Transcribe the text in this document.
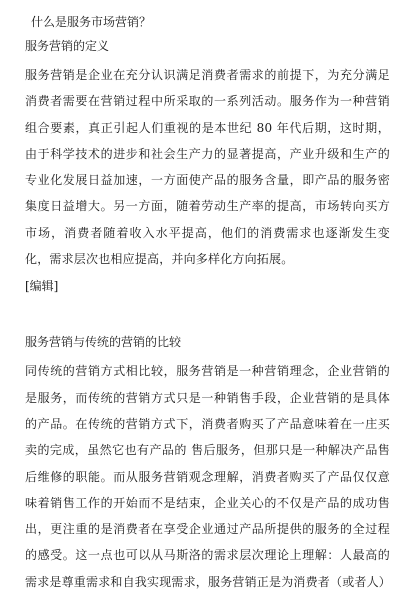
什么是服务市场营销？
服务营销的定义

服务营销是企业在充分认识满足消费者需求的前提下，为充分满足消费者需要在营销过程中所采取的一系列活动。服务作为一种营销组合要素，真正引起人们重视的是本世纪 80 年代后期，这时期，由于科学技术的进步和社会生产力的显著提高，产业升级和生产的专业化发展日益加速，一方面使产品的服务含量，即产品的服务密集度日益增大。另一方面，随着劳动生产率的提高，市场转向买方市场，消费者随着收入水平提高，他们的消费需求也逐渐发生变化，需求层次也相应提高，并向多样化方向拓展。

[编辑]
服务营销与传统的营销的比较

同传统的营销方式相比较，服务营销是一种营销理念，企业营销的是服务，而传统的营销方式只是一种销售手段，企业营销的是具体的产品。在传统的营销方式下，消费者购买了产品意味着在一庄买卖的完成，虽然它也有产品的 售后服务，但那只是一种解决产品售后维修的职能。而从服务营销观念理解，消费者购买了产品仅仅意味着销售工作的开始而不是结束，企业关心的不仅是产品的成功售出，更注重的是消费者在享受企业通过产品所提供的服务的全过程的感受。这一点也可以从马斯洛的需求层次理论上理解：人最高的需求是尊重需求和自我实现需求，服务营销正是为消费者（或者人）
